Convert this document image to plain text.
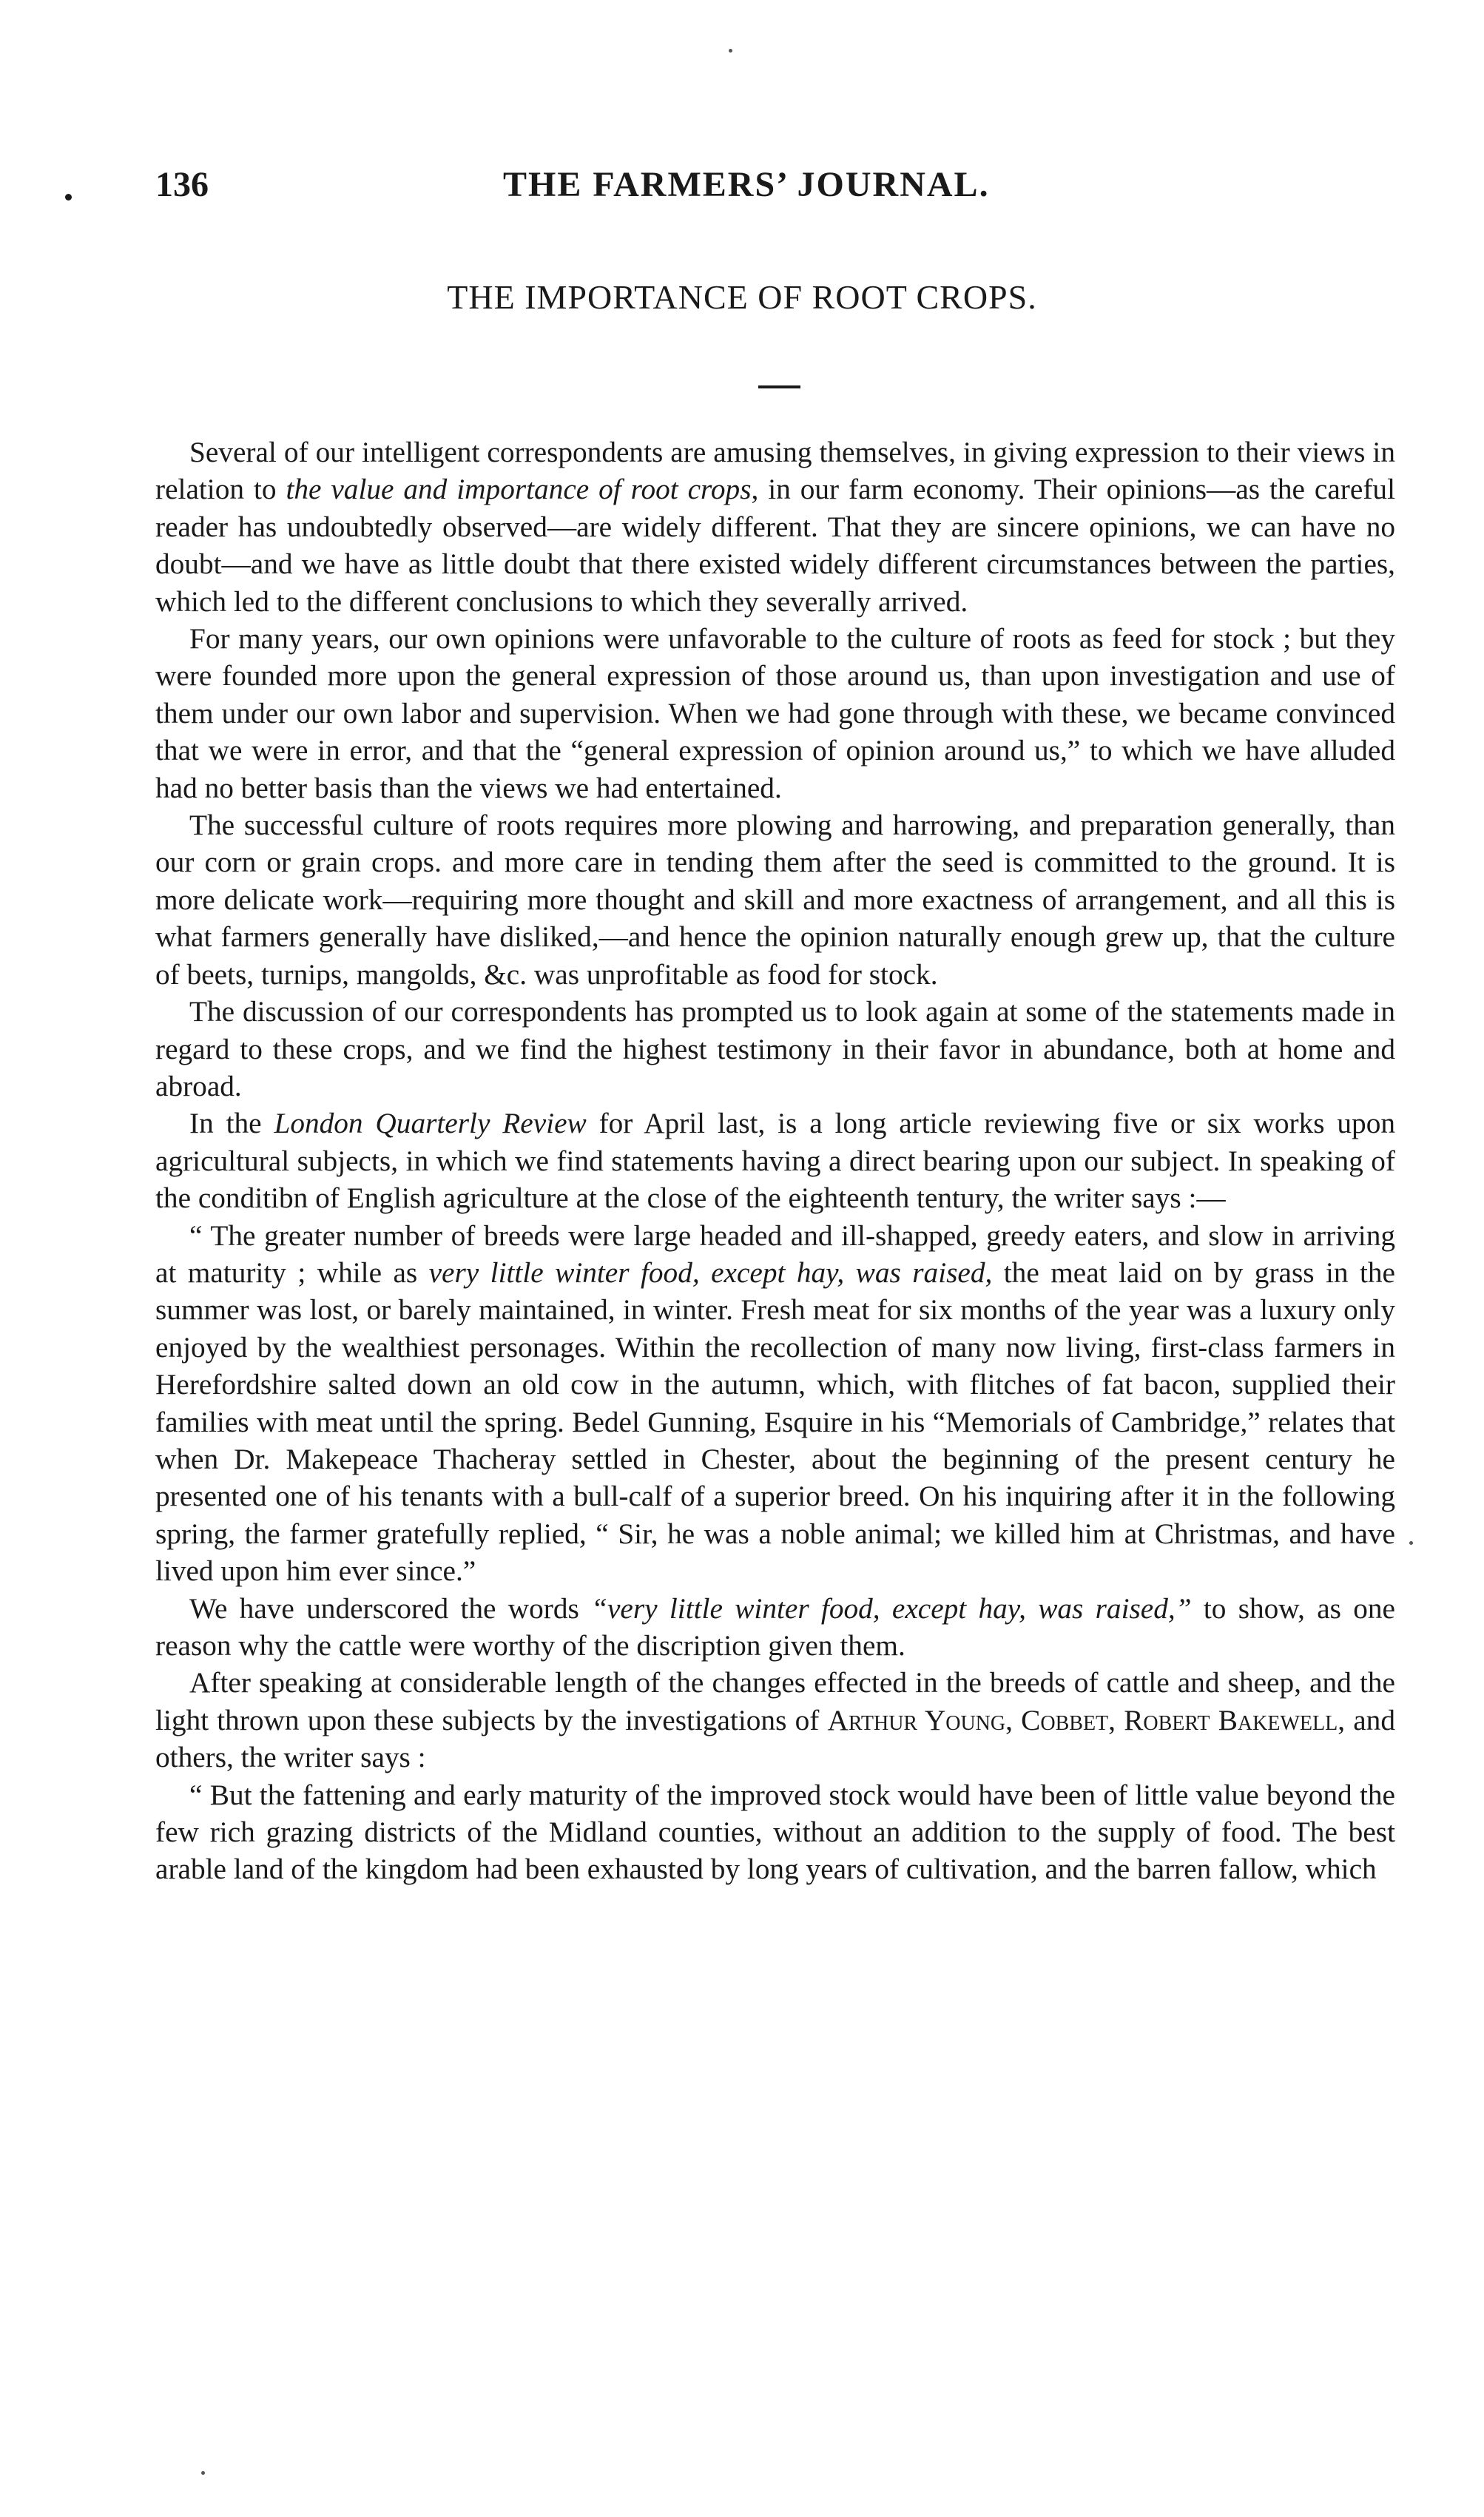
136	THE FARMERS’ JOURNAL.
THE IMPORTANCE OF ROOT CROPS.

Several of our intelligent correspondents are amusing themselves, in giving expression to their views in relation to the value and importance of root crops, in our farm economy. Their opinions—as the careful reader has undoubtedly observed—are widely different. That they are sincere opinions, we can have no doubt—and we have as little doubt that there existed widely different circumstances between the parties, which led to the different conclusions to which they severally arrived.

For many years, our own opinions were unfavorable to the culture of roots as feed for stock ; but they were founded more upon the general expression of those around us, than upon investigation and use of them under our own labor and supervision. When we had gone through with these, we became convinced that we were in error, and that the “general expression of opinion around us,” to which we have alluded had no better basis than the views we had entertained.

The successful culture of roots requires more plowing and harrowing, and preparation generally, than our corn or grain crops. and more care in tending them after the seed is committed to the ground. It is more delicate work—requiring more thought and skill and more exactness of arrangement, and all this is what farmers generally have disliked,—and hence the opinion naturally enough grew up, that the culture of beets, turnips, mangolds, &c. was unprofitable as food for stock.

The discussion of our correspondents has prompted us to look again at some of the statements made in regard to these crops, and we find the highest testimony in their favor in abundance, both at home and abroad.

In the London Quarterly Review for April last, is a long article reviewing five or six works upon agricultural subjects, in which we find statements having a direct bearing upon our subject. In speaking of the conditibn of English agriculture at the close of the eighteenth tentury, the writer says :—

“ The greater number of breeds were large headed and ill-shapped, greedy eaters, and slow in arriving at maturity ; while as very little winter food, except hay, was raised, the meat laid on by grass in the summer was lost, or barely maintained, in winter. Fresh meat for six months of the year was a luxury only enjoyed by the wealthiest personages. Within the recollection of many now living, first-class farmers in Herefordshire salted down an old cow in the autumn, which, with flitches of fat bacon, supplied their families with meat until the spring. Bedel Gunning, Esquire in his “Memorials of Cambridge,” relates that when Dr. Makepeace Thacheray settled in Chester, about the beginning of the present century he presented one of his tenants with a bull-calf of a superior breed. On his inquiring after it in the following spring, the farmer gratefully replied, “ Sir, he was a noble animal; we killed him at Christmas, and have lived upon him ever since.”

We have underscored the words “very little winter food, except hay, was raised,” to show, as one reason why the cattle were worthy of the discription given them.

After speaking at considerable length of the changes effected in the breeds of cattle and sheep, and the light thrown upon these subjects by the investigations of Arthur Young, Cobbet, Robert Bakewell, and others, the writer says :

“ But the fattening and early maturity of the improved stock would have been of little value beyond the few rich grazing districts of the Midland counties, without an addition to the supply of food. The best arable land of the kingdom had been exhausted by long years of cultivation, and the barren fallow, which
